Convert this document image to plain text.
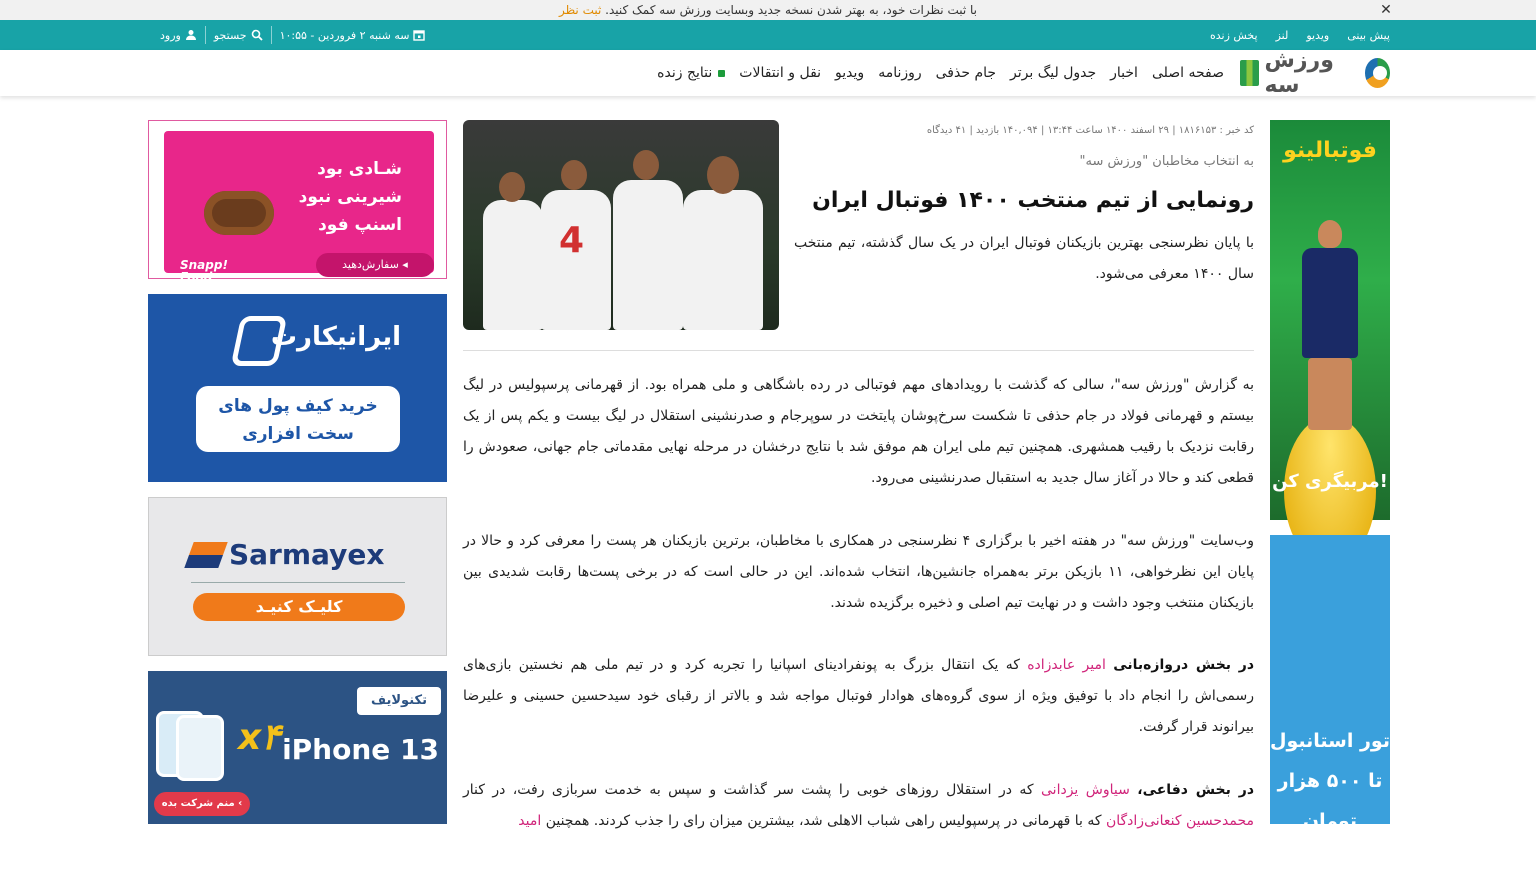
با ثبت نظرات خود، به بهتر شدن نسخه جدید وبسایت ورزش سه کمک کنید. ثبت نظر	✕
پیش بینی
ویدیو
لنز
پخش زنده
ورود	جستجو	سه شنبه ۲ فروردین - ۱۰:۵۵
ورزش سه
صفحه اصلی
اخبار
جدول لیگ برتر
جام حذفی
روزنامه
ویدیو
نقل و انتقالات
نتایج زنده
فوتبالینو
مربیگری کن!
تور استانبول تا ۵۰۰ هزار تومان تخفیف
شـادی بود شیرینی نبود اسنپ فود
سفارش‌دهید ◂
Snapp! Food
ایرانیکارت
خرید کیف پول های سخت افزاری
Sarmayex
کلیـک کنیـد
تکنولایف
iPhone 13
x۴
منم شرکت بده ‹
4
کد خبر : ۱۸۱۶۱۵۳ | ۲۹ اسفند ۱۴۰۰ ساعت ۱۳:۴۴ | ۱۴۰,۰۹۴ بازدید | ۴۱ دیدگاه
به انتخاب مخاطبان "ورزش سه"
رونمایی از تیم منتخب ۱۴۰۰ فوتبال ایران

با پایان نظرسنجی بهترین بازیکنان فوتبال ایران در یک سال گذشته، تیم منتخب سال ۱۴۰۰ معرفی می‌شود.

به گزارش "ورزش سه"، سالی که گذشت با رویدادهای مهم فوتبالی در رده باشگاهی و ملی همراه بود. از قهرمانی پرسپولیس در لیگ بیستم و قهرمانی فولاد در جام حذفی تا شکست سرخ‌پوشان پایتخت در سوپرجام و صدرنشینی استقلال در لیگ بیست و یکم پس از یک رقابت نزدیک با رقیب همشهری. همچنین تیم ملی ایران هم موفق شد با نتایج درخشان در مرحله نهایی مقدماتی جام جهانی، صعودش را قطعی کند و حالا در آغاز سال جدید به استقبال صدرنشینی می‌رود.

وب‌سایت "ورزش سه" در هفته اخیر با برگزاری ۴ نظرسنجی در همکاری با مخاطبان، برترین بازیکنان هر پست را معرفی کرد و حالا در پایان این نظرخواهی، ۱۱ بازیکن برتر به‌همراه جانشین‌ها، انتخاب شده‌اند. این در حالی است که در برخی پست‌ها رقابت شدیدی بین بازیکنان منتخب وجود داشت و در نهایت تیم اصلی و ذخیره برگزیده شدند.

در بخش دروازه‌بانی امیر عابدزاده که یک انتقال بزرگ به پونفرادینای اسپانیا را تجربه کرد و در تیم ملی هم نخستین بازی‌های رسمی‌اش را انجام داد با توفیق ویژه از سوی گروه‌های هوادار فوتبال مواجه شد و بالاتر از رقبای خود سیدحسین حسینی و علیرضا بیرانوند قرار گرفت.

در بخش دفاعی، سیاوش یزدانی که در استقلال روزهای خوبی را پشت سر گذاشت و سپس به خدمت سربازی رفت، در کنار محمدحسین کنعانی‌زادگان که با قهرمانی در پرسپولیس راهی شباب الاهلی شد، بیشترین میزان رای را جذب کردند. همچنین امید
